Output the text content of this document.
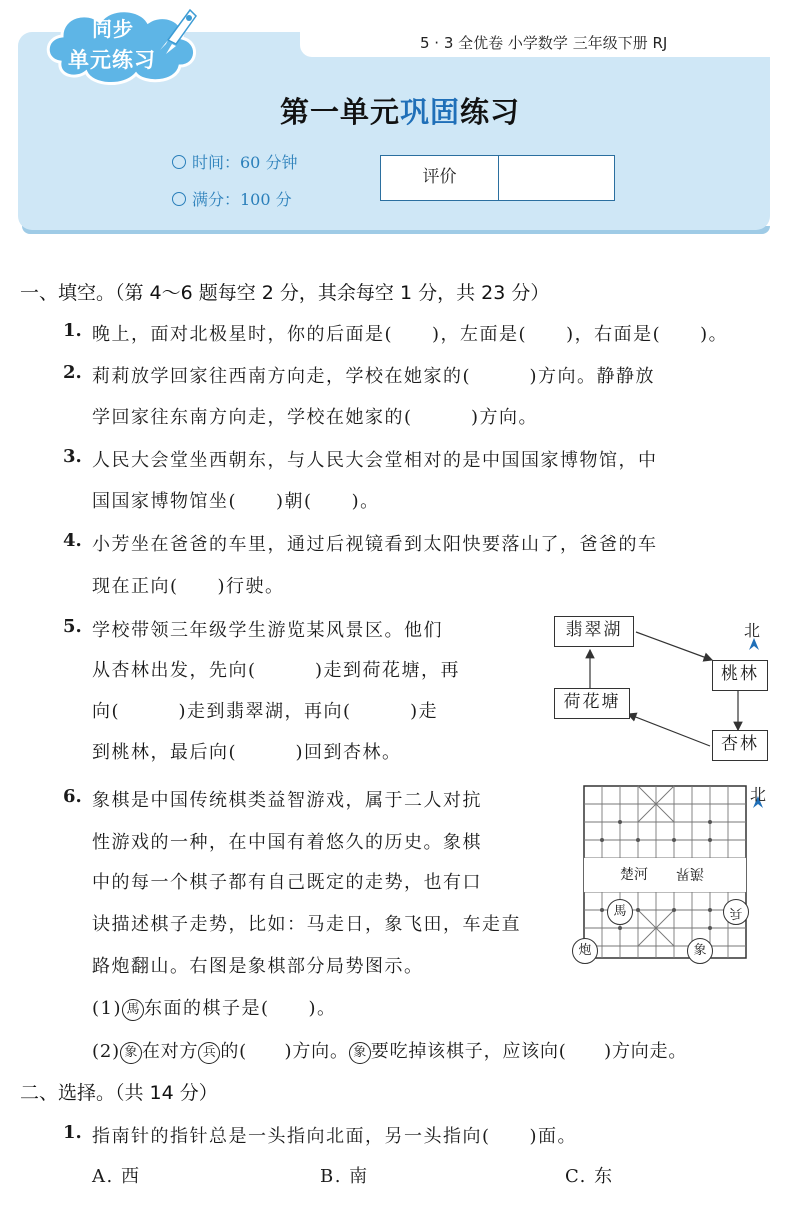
5 · 3 全优卷 小学数学 三年级下册 RJ
同步
单元练习
第一单元巩固练习
时间：60 分钟
满分：100 分
评价
一、填空。（第 4～6 题每空 2 分，其余每空 1 分，共 23 分）
1. 晚上，面对北极星时，你的后面是(　　)，左面是(　　)，右面是(　　)。
2. 莉莉放学回家往西南方向走，学校在她家的(　　　)方向。静静放
学回家往东南方向走，学校在她家的(　　　)方向。
3. 人民大会堂坐西朝东，与人民大会堂相对的是中国国家博物馆，中
国国家博物馆坐(　　)朝(　　)。
4. 小芳坐在爸爸的车里，通过后视镜看到太阳快要落山了，爸爸的车
现在正向(　　)行驶。
5. 学校带领三年级学生游览某风景区。他们
从杏林出发，先向(　　　)走到荷花塘，再
向(　　　)走到翡翠湖，再向(　　　)走
到桃林，最后向(　　　)回到杏林。
翡翠湖
桃林
荷花塘
杏林
北
6. 象棋是中国传统棋类益智游戏，属于二人对抗
性游戏的一种，在中国有着悠久的历史。象棋
中的每一个棋子都有自己既定的走势，也有口
诀描述棋子走势，比如：马走日，象飞田，车走直
路炮翻山。右图是象棋部分局势图示。
楚河 漢界
北
馬	兵
炮	象
(1) 馬 东面的棋子是(　　)。
(2) 象 在对方 兵 的(　　)方向。 象 要吃掉该棋子，应该向(　　)方向走。
二、选择。（共 14 分）
1. 指南针的指针总是一头指向北面，另一头指向(　　)面。
A. 西	B. 南	C. 东
